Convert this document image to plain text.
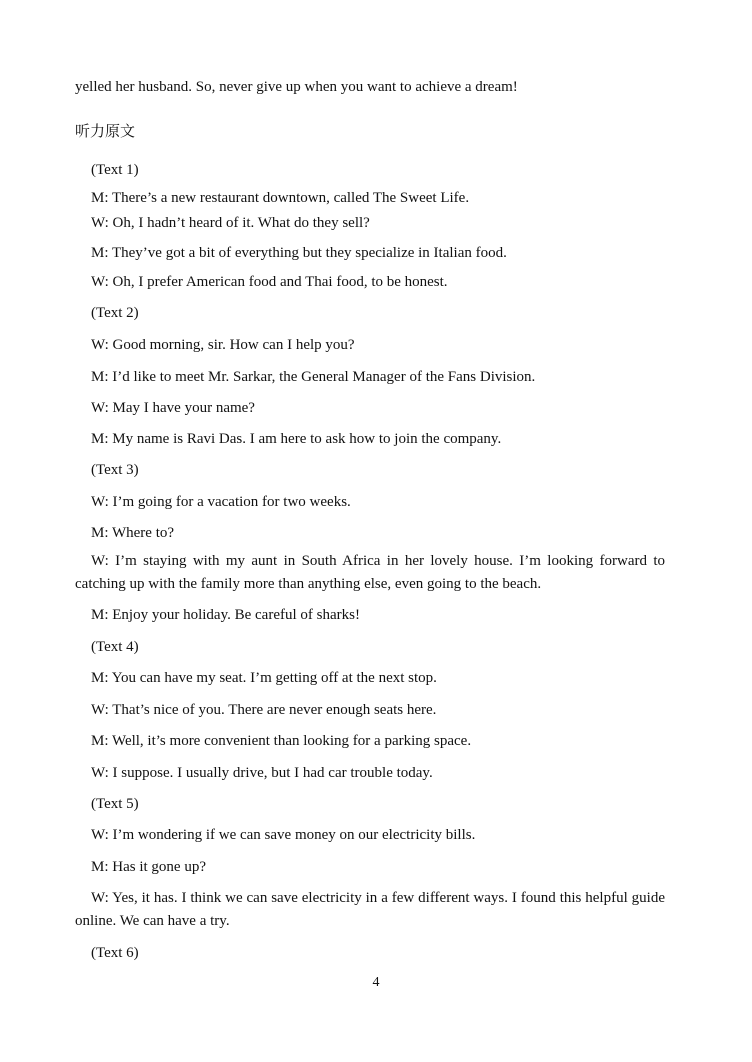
yelled her husband. So, never give up when you want to achieve a dream!
听力原文
(Text 1)
M: There’s a new restaurant downtown, called The Sweet Life.
W: Oh, I hadn’t heard of it. What do they sell?
M: They’ve got a bit of everything but they specialize in Italian food.
W: Oh, I prefer American food and Thai food, to be honest.
(Text 2)
W: Good morning, sir. How can I help you?
M: I’d like to meet Mr. Sarkar, the General Manager of the Fans Division.
W: May I have your name?
M: My name is Ravi Das. I am here to ask how to join the company.
(Text 3)
W: I’m going for a vacation for two weeks.
M: Where to?
W: I’m staying with my aunt in South Africa in her lovely house. I’m looking forward to
catching up with the family more than anything else, even going to the beach.
M: Enjoy your holiday. Be careful of sharks!
(Text 4)
M: You can have my seat. I’m getting off at the next stop.
W: That’s nice of you. There are never enough seats here.
M: Well, it’s more convenient than looking for a parking space.
W: I suppose. I usually drive, but I had car trouble today.
(Text 5)
W: I’m wondering if we can save money on our electricity bills.
M: Has it gone up?
W: Yes, it has. I think we can save electricity in a few different ways. I found this helpful guide
online. We can have a try.
(Text 6)
4
